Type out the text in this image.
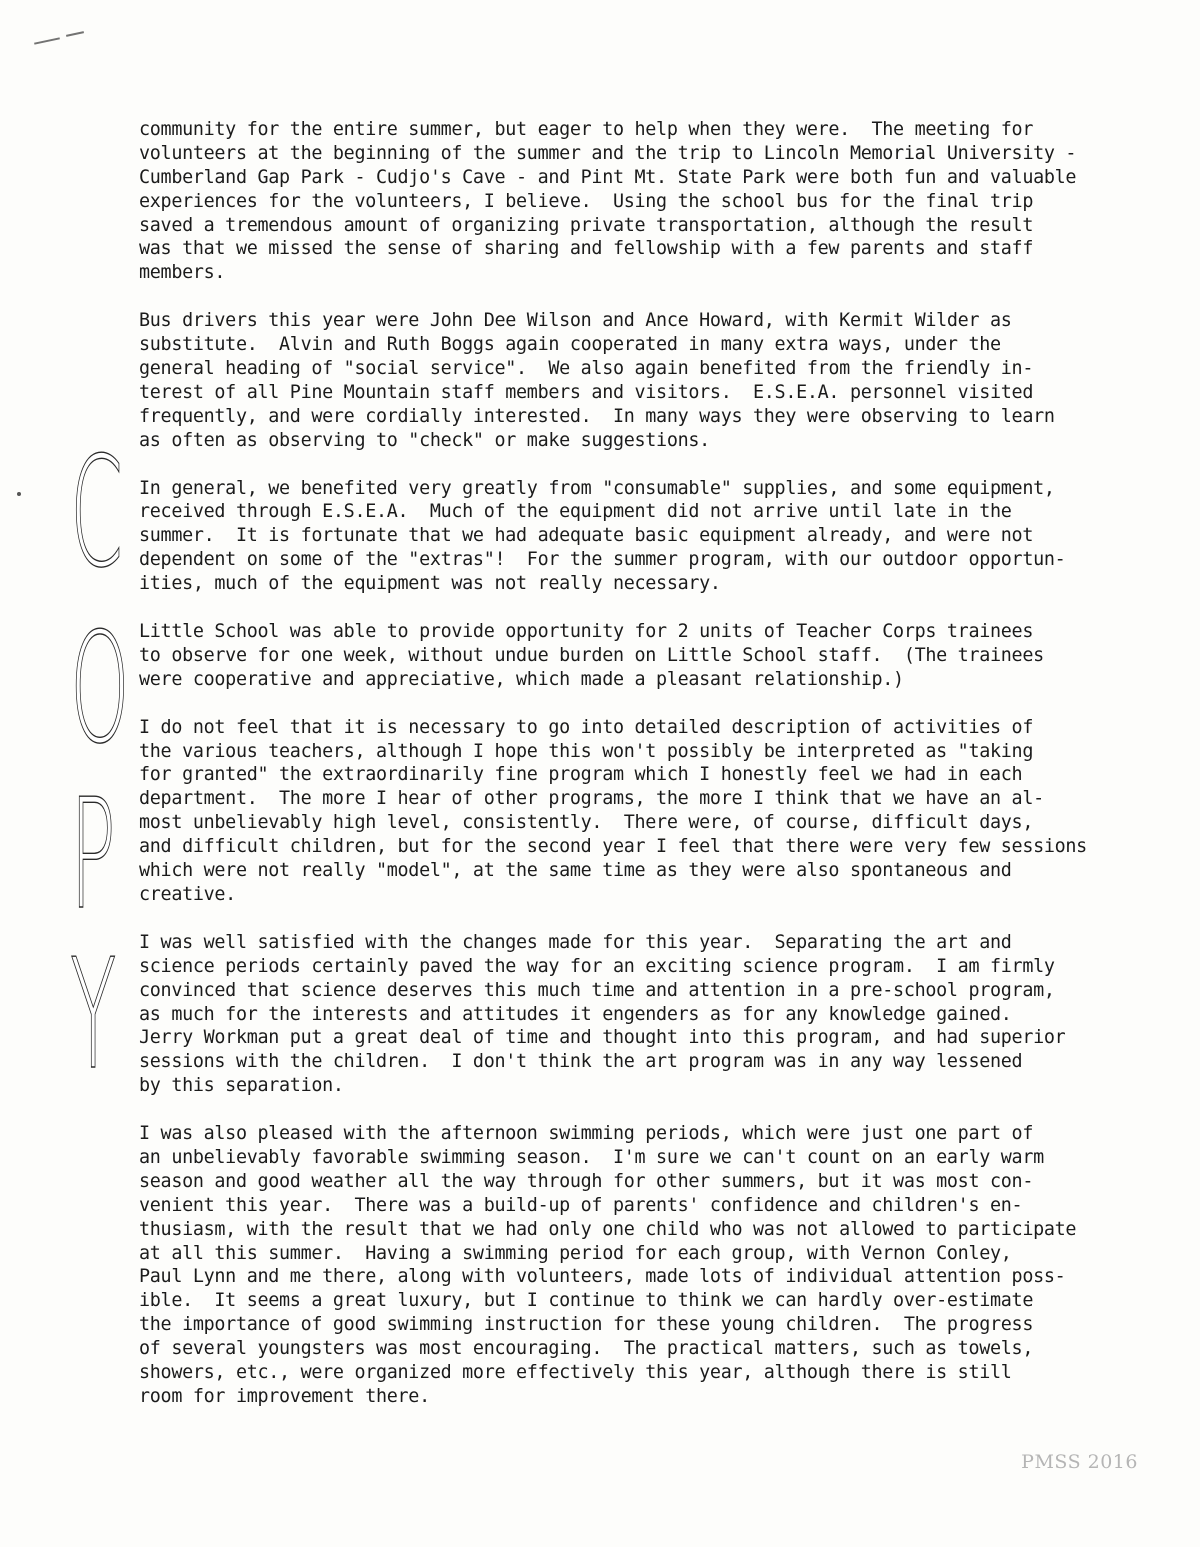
C
O
P
Y
community for the entire summer, but eager to help when they were.  The meeting for
volunteers at the beginning of the summer and the trip to Lincoln Memorial University -
Cumberland Gap Park - Cudjo's Cave - and Pint Mt. State Park were both fun and valuable
experiences for the volunteers, I believe.  Using the school bus for the final trip
saved a tremendous amount of organizing private transportation, although the result
was that we missed the sense of sharing and fellowship with a few parents and staff
members.
Bus drivers this year were John Dee Wilson and Ance Howard, with Kermit Wilder as
substitute.  Alvin and Ruth Boggs again cooperated in many extra ways, under the
general heading of "social service".  We also again benefited from the friendly in-
terest of all Pine Mountain staff members and visitors.  E.S.E.A. personnel visited
frequently, and were cordially interested.  In many ways they were observing to learn
as often as observing to "check" or make suggestions.
In general, we benefited very greatly from "consumable" supplies, and some equipment,
received through E.S.E.A.  Much of the equipment did not arrive until late in the
summer.  It is fortunate that we had adequate basic equipment already, and were not
dependent on some of the "extras"!  For the summer program, with our outdoor opportun-
ities, much of the equipment was not really necessary.
Little School was able to provide opportunity for 2 units of Teacher Corps trainees
to observe for one week, without undue burden on Little School staff.  (The trainees
were cooperative and appreciative, which made a pleasant relationship.)
I do not feel that it is necessary to go into detailed description of activities of
the various teachers, although I hope this won't possibly be interpreted as "taking
for granted" the extraordinarily fine program which I honestly feel we had in each
department.  The more I hear of other programs, the more I think that we have an al-
most unbelievably high level, consistently.  There were, of course, difficult days,
and difficult children, but for the second year I feel that there were very few sessions
which were not really "model", at the same time as they were also spontaneous and
creative.
I was well satisfied with the changes made for this year.  Separating the art and
science periods certainly paved the way for an exciting science program.  I am firmly
convinced that science deserves this much time and attention in a pre-school program,
as much for the interests and attitudes it engenders as for any knowledge gained.
Jerry Workman put a great deal of time and thought into this program, and had superior
sessions with the children.  I don't think the art program was in any way lessened
by this separation.
I was also pleased with the afternoon swimming periods, which were just one part of
an unbelievably favorable swimming season.  I'm sure we can't count on an early warm
season and good weather all the way through for other summers, but it was most con-
venient this year.  There was a build-up of parents' confidence and children's en-
thusiasm, with the result that we had only one child who was not allowed to participate
at all this summer.  Having a swimming period for each group, with Vernon Conley,
Paul Lynn and me there, along with volunteers, made lots of individual attention poss-
ible.  It seems a great luxury, but I continue to think we can hardly over-estimate
the importance of good swimming instruction for these young children.  The progress
of several youngsters was most encouraging.  The practical matters, such as towels,
showers, etc., were organized more effectively this year, although there is still
room for improvement there.
PMSS 2016
